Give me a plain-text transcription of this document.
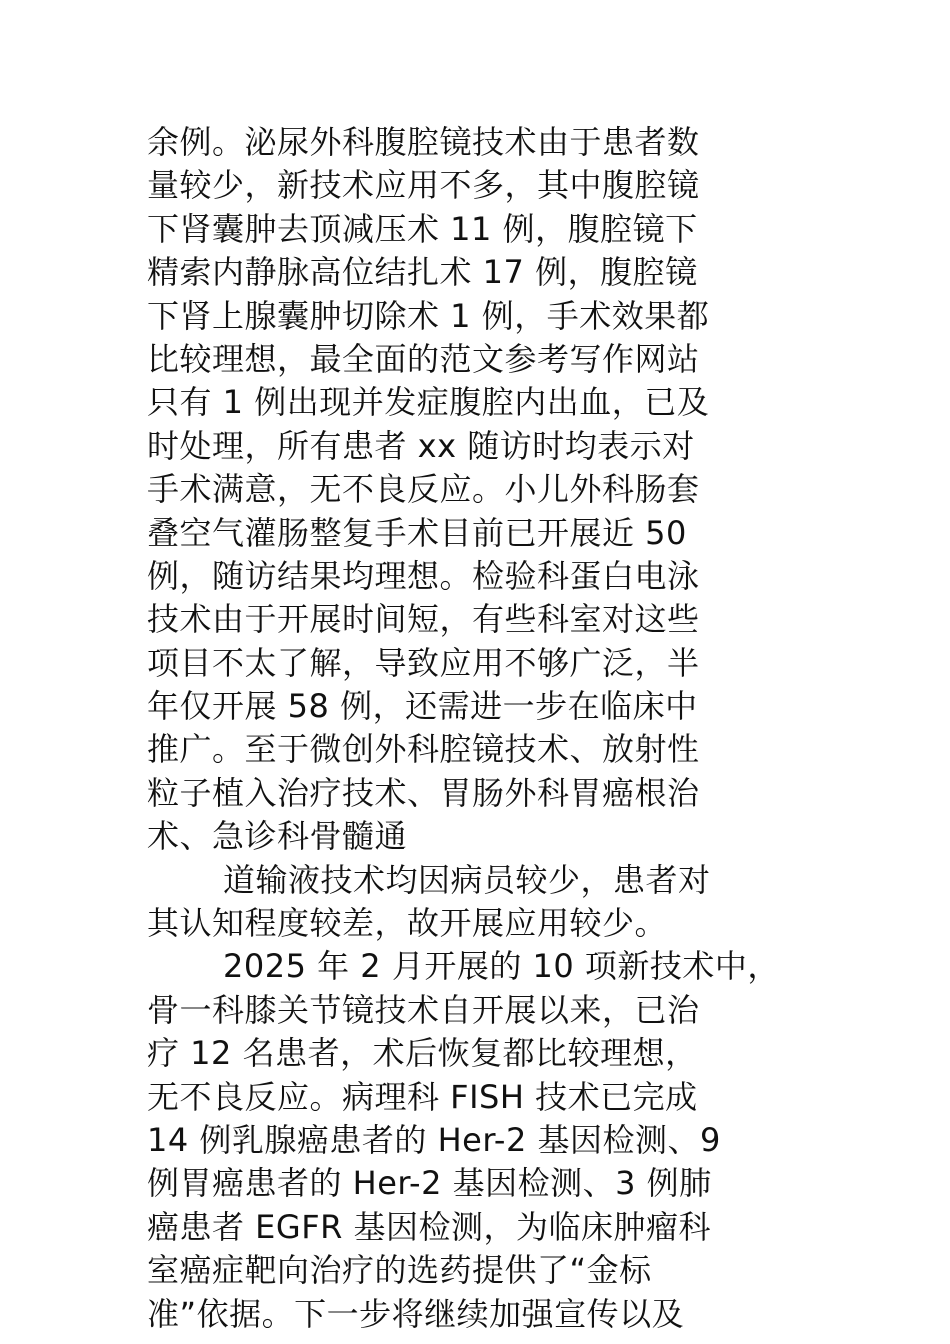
余例。泌尿外科腹腔镜技术由于患者数
量较少，新技术应用不多，其中腹腔镜
下肾囊肿去顶减压术 11 例，腹腔镜下
精索内静脉高位结扎术 17 例，腹腔镜
下肾上腺囊肿切除术 1 例，手术效果都
比较理想，最全面的范文参考写作网站
只有 1 例出现并发症腹腔内出血，已及
时处理，所有患者 xx 随访时均表示对
手术满意，无不良反应。小儿外科肠套
叠空气灌肠整复手术目前已开展近 50
例，随访结果均理想。检验科蛋白电泳
技术由于开展时间短，有些科室对这些
项目不太了解，导致应用不够广泛，半
年仅开展 58 例，还需进一步在临床中
推广。至于微创外科腔镜技术、放射性
粒子植入治疗技术、胃肠外科胃癌根治
术、急诊科骨髓通
道输液技术均因病员较少，患者对
其认知程度较差，故开展应用较少。
2025 年 2 月开展的 10 项新技术中，
骨一科膝关节镜技术自开展以来，已治
疗 12 名患者，术后恢复都比较理想，
无不良反应。病理科 FISH 技术已完成
14 例乳腺癌患者的 Her-2 基因检测、9
例胃癌患者的 Her-2 基因检测、3 例肺
癌患者 EGFR 基因检测，为临床肿瘤科
室癌症靶向治疗的选药提供了“金标
准”依据。下一步将继续加强宣传以及
